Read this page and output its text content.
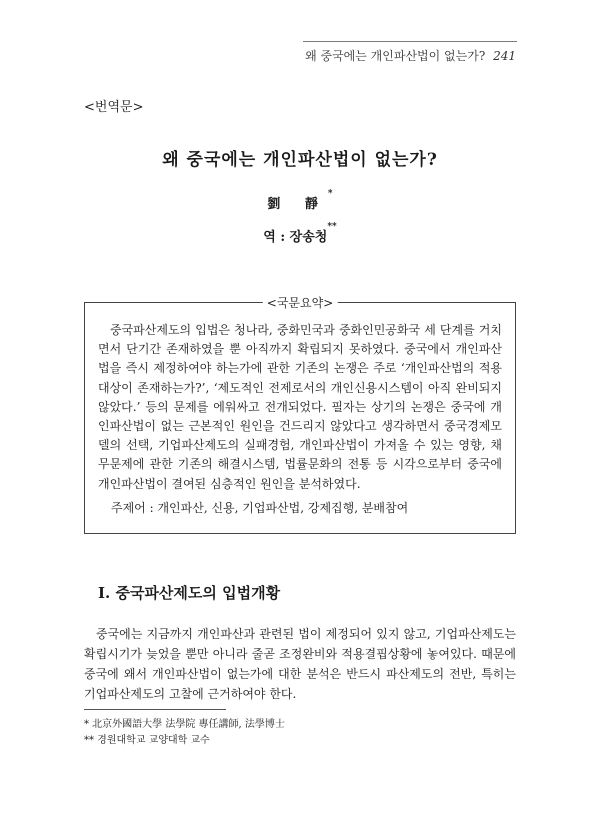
왜 중국에는 개인파산법이 없는가? 241
<번역문>
왜 중국에는 개인파산법이 없는가?
劉 靜*
역 : 장송청**
<국문요약>
중국파산제도의 입법은 청나라, 중화민국과 중화인민공화국 세 단계를 거치면서 단기간 존재하였을 뿐 아직까지 확립되지 못하였다. 중국에서 개인파산법을 즉시 제정하여야 하는가에 관한 기존의 논쟁은 주로 ‘개인파산법의 적용대상이 존재하는가?’, ‘제도적인 전제로서의 개인신용시스템이 아직 완비되지 않았다.’ 등의 문제를 에워싸고 전개되었다. 필자는 상기의 논쟁은 중국에 개인파산법이 없는 근본적인 원인을 건드리지 않았다고 생각하면서 중국경제모델의 선택, 기업파산제도의 실패경험, 개인파산법이 가져올 수 있는 영향, 채무문제에 관한 기존의 해결시스템, 법률문화의 전통 등 시각으로부터 중국에 개인파산법이 결여된 심층적인 원인을 분석하였다.
주제어 : 개인파산, 신용, 기업파산법, 강제집행, 분배참여
Ⅰ. 중국파산제도의 입법개황
중국에는 지금까지 개인파산과 관련된 법이 제정되어 있지 않고, 기업파산제도는 확립시기가 늦었을 뿐만 아니라 줄곧 조정완비와 적용결핍상황에 놓여있다. 때문에 중국에 왜서 개인파산법이 없는가에 대한 분석은 반드시 파산제도의 전반, 특히는 기업파산제도의 고찰에 근거하여야 한다.
* 北京外國語大學 法學院 專任講師, 法學博士
** 경원대학교 교양대학 교수
